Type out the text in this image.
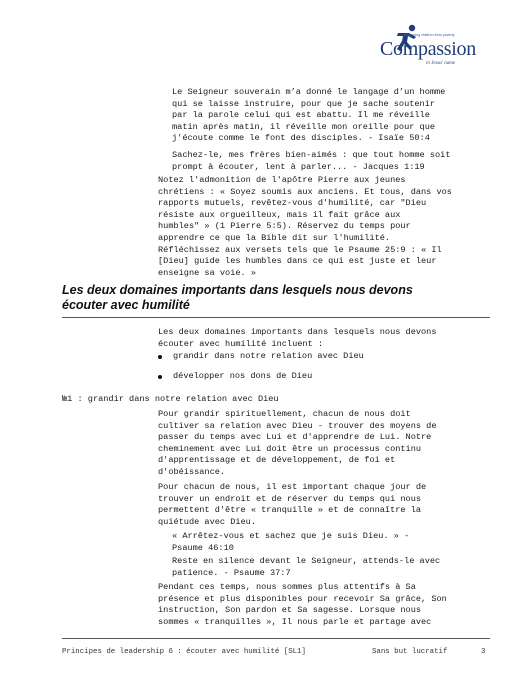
Releasing children from poverty
Compassion
in Jesus' name

Le Seigneur souverain m’a donné le langage d’un homme

qui se laisse instruire, pour que je sache soutenir

par la parole celui qui est abattu. Il me réveille

matin après matin, il réveille mon oreille pour que

j'écoute comme le font des disciples. - Isaïe 50:4

Sachez-le, mes frères bien-aimés : que tout homme soit

prompt à écouter, lent à parler... - Jacques 1:19

Notez l'admonition de l'apôtre Pierre aux jeunes

chrétiens : « Soyez soumis aux anciens. Et tous, dans vos

rapports mutuels, revêtez-vous d'humilité, car "Dieu

résiste aux orgueilleux, mais il fait grâce aux

humbles" » (1 Pierre 5:5). Réservez du temps pour

apprendre ce que la Bible dit sur l'humilité.

Réfléchissez aux versets tels que le Psaume 25:9 : « Il

[Dieu] guide les humbles dans ce qui est juste et leur

enseigne sa voie. »

Les deux domaines importants dans lesquels nous devons
écouter avec humilité

Les deux domaines importants dans lesquels nous devons

écouter avec humilité incluent :

grandir dans notre relation avec Dieu
développer nos dons de Dieu
№1 : grandir dans notre relation avec Dieu

Pour grandir spirituellement, chacun de nous doit

cultiver sa relation avec Dieu - trouver des moyens de

passer du temps avec Lui et d'apprendre de Lui. Notre

cheminement avec Lui doit être un processus continu

d'apprentissage et de développement, de foi et

d'obéissance.

Pour chacun de nous, il est important chaque jour de

trouver un endroit et de réserver du temps qui nous

permettent d'être « tranquille » et de connaître la

quiétude avec Dieu.

« Arrêtez-vous et sachez que je suis Dieu. » -

Psaume 46:10

Reste en silence devant le Seigneur, attends-le avec

patience. - Psaume 37:7

Pendant ces temps, nous sommes plus attentifs à Sa

présence et plus disponibles pour recevoir Sa grâce, Son

instruction, Son pardon et Sa sagesse. Lorsque nous

sommes « tranquilles », Il nous parle et partage avec

Principes de leadership 6 : écouter avec humilité [SL1]	Sans but lucratif	3
